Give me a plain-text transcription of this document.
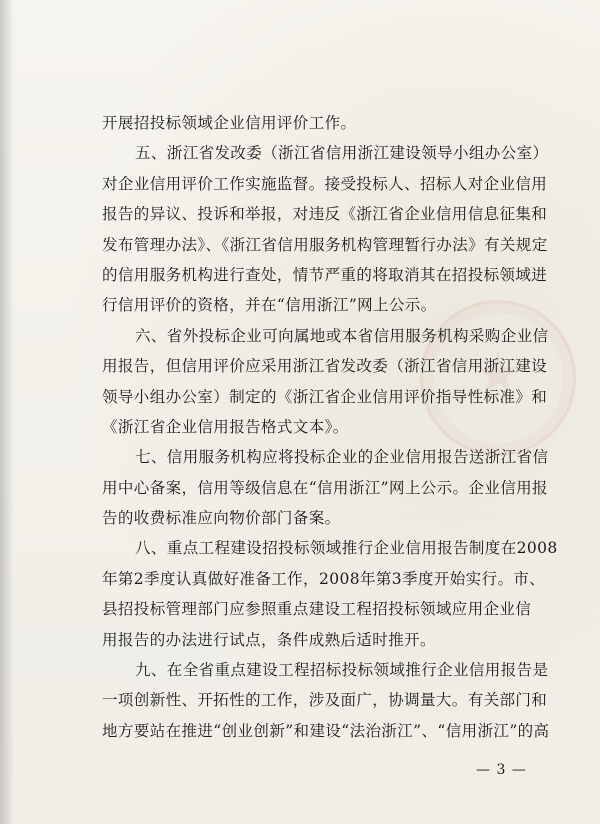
开展招投标领域企业信用评价工作。
五、浙江省发改委（浙江省信用浙江建设领导小组办公室）
对企业信用评价工作实施监督。接受投标人、招标人对企业信用
报告的异议、投诉和举报，对违反《浙江省企业信用信息征集和
发布管理办法》、《浙江省信用服务机构管理暂行办法》有关规定
的信用服务机构进行查处，情节严重的将取消其在招投标领域进
行信用评价的资格，并在“信用浙江”网上公示。
六、省外投标企业可向属地或本省信用服务机构采购企业信
用报告，但信用评价应采用浙江省发改委（浙江省信用浙江建设
领导小组办公室）制定的《浙江省企业信用评价指导性标准》和
《浙江省企业信用报告格式文本》。
七、信用服务机构应将投标企业的企业信用报告送浙江省信
用中心备案，信用等级信息在“信用浙江”网上公示。企业信用报
告的收费标准应向物价部门备案。
八、重点工程建设招投标领域推行企业信用报告制度在2008
年第2季度认真做好准备工作，2008年第3季度开始实行。市、
县招投标管理部门应参照重点建设工程招投标领域应用企业信
用报告的办法进行试点，条件成熟后适时推开。
九、在全省重点建设工程招标投标领域推行企业信用报告是
一项创新性、开拓性的工作，涉及面广，协调量大。有关部门和
地方要站在推进“创业创新”和建设“法治浙江”、“信用浙江”的高
— 3 —
